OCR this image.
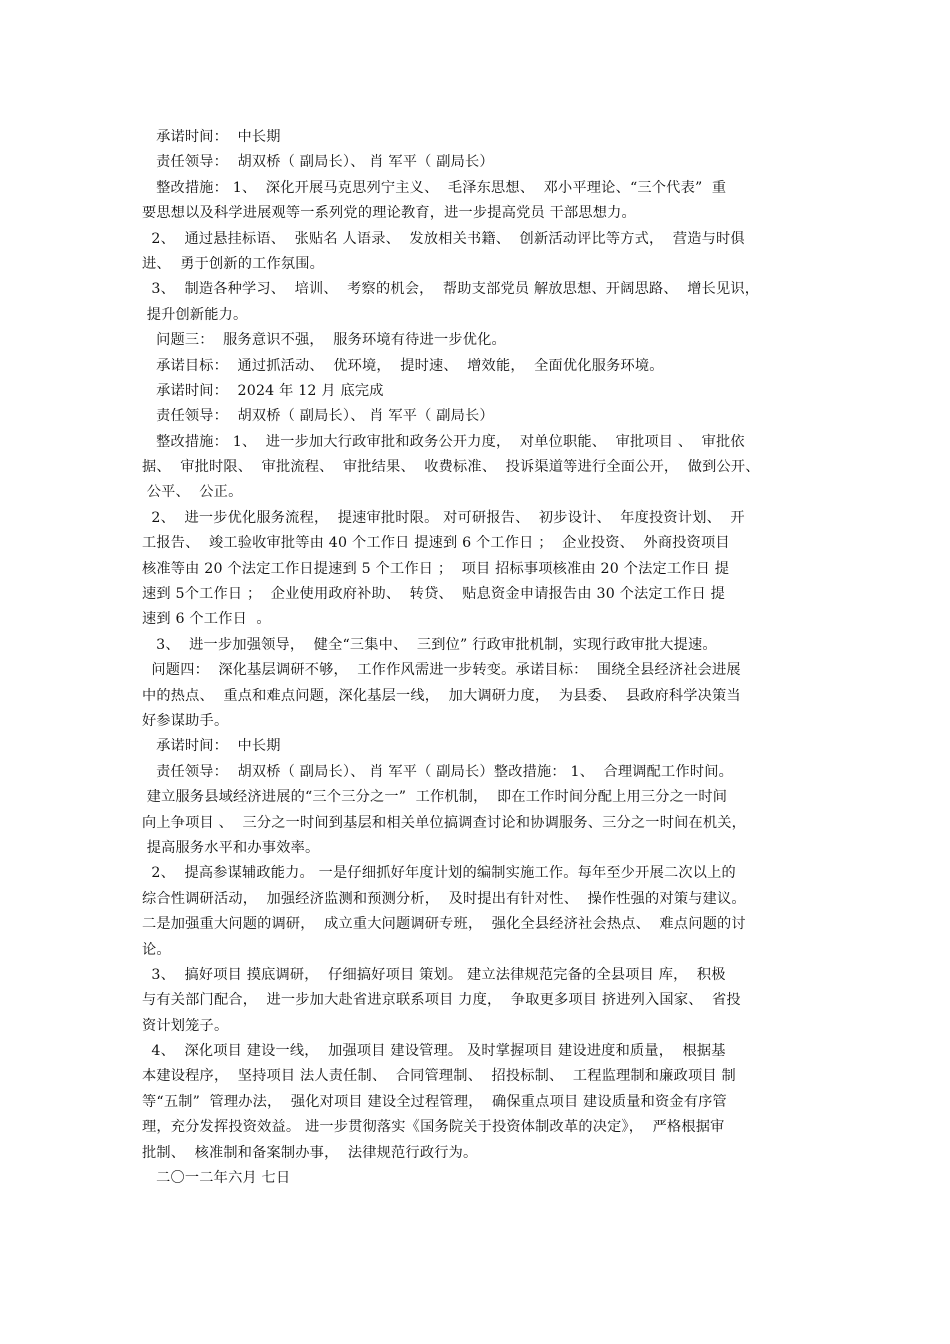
承诺时间：  中长期
责任领导：  胡双桥（ 副局长）、 肖 军平（ 副局长）
整改措施： 1、  深化开展马克思列宁主义、  毛泽东思想、  邓小平理论、“三个代表”  重
要思想以及科学进展观等一系列党的理论教育，进一步提高党员 干部思想力。
2、  通过悬挂标语、  张贴名 人语录、  发放相关书籍、  创新活动评比等方式，  营造与时俱
进、  勇于创新的工作氛围。
3、  制造各种学习、  培训、  考察的机会，  帮助支部党员 解放思想、开阔思路、  增长见识，
提升创新能力。
问题三：  服务意识不强，  服务环境有待进一步优化。
承诺目标：  通过抓活动、  优环境，  提时速、  增效能，  全面优化服务环境。
承诺时间：  2024 年 12 月 底完成
责任领导：  胡双桥（ 副局长）、 肖 军平（ 副局长）
整改措施： 1、  进一步加大行政审批和政务公开力度，  对单位职能、  审批项目 、  审批依
据、  审批时限、  审批流程、  审批结果、  收费标准、  投诉渠道等进行全面公开，  做到公开、
公平、  公正。
2、  进一步优化服务流程，  提速审批时限。 对可研报告、  初步设计、  年度投资计划、  开
工报告、  竣工验收审批等由 40 个工作日 提速到 6 个工作日 ；  企业投资、  外商投资项目
核准等由 20 个法定工作日提速到 5 个工作日 ；  项目 招标事项核准由 20 个法定工作日 提
速到 5个工作日 ；  企业使用政府补助、  转贷、  贴息资金申请报告由 30 个法定工作日 提
速到 6 个工作日  。
3、  进一步加强领导，  健全“三集中、  三到位” 行政审批机制，实现行政审批大提速。
问题四：  深化基层调研不够，  工作作风需进一步转变。承诺目标：  围绕全县经济社会进展
中的热点、  重点和难点问题，深化基层一线，  加大调研力度，  为县委、  县政府科学决策当
好参谋助手。
承诺时间：  中长期
责任领导：  胡双桥（ 副局长）、 肖 军平（ 副局长）整改措施： 1、  合理调配工作时间。
建立服务县域经济进展的“三个三分之一”  工作机制，  即在工作时间分配上用三分之一时间
向上争项目 、  三分之一时间到基层和相关单位搞调查讨论和协调服务、三分之一时间在机关，
提高服务水平和办事效率。
2、  提高参谋辅政能力。 一是仔细抓好年度计划的编制实施工作。每年至少开展二次以上的
综合性调研活动，  加强经济监测和预测分析，  及时提出有针对性、  操作性强的对策与建议。
二是加强重大问题的调研，  成立重大问题调研专班，  强化全县经济社会热点、  难点问题的讨
论。
3、  搞好项目 摸底调研，  仔细搞好项目 策划。 建立法律规范完备的全县项目 库，  积极
与有关部门配合，  进一步加大赴省进京联系项目 力度，  争取更多项目 挤进列入国家、  省投
资计划笼子。
4、  深化项目 建设一线，  加强项目 建设管理。 及时掌握项目 建设进度和质量，  根据基
本建设程序，  坚持项目 法人责任制、  合同管理制、  招投标制、  工程监理制和廉政项目 制
等“五制”  管理办法，  强化对项目 建设全过程管理，  确保重点项目 建设质量和资金有序管
理，充分发挥投资效益。 进一步贯彻落实《国务院关于投资体制改革的决定》，  严格根据审
批制、  核准制和备案制办事，  法律规范行政行为。
二〇一二年六月 七日
